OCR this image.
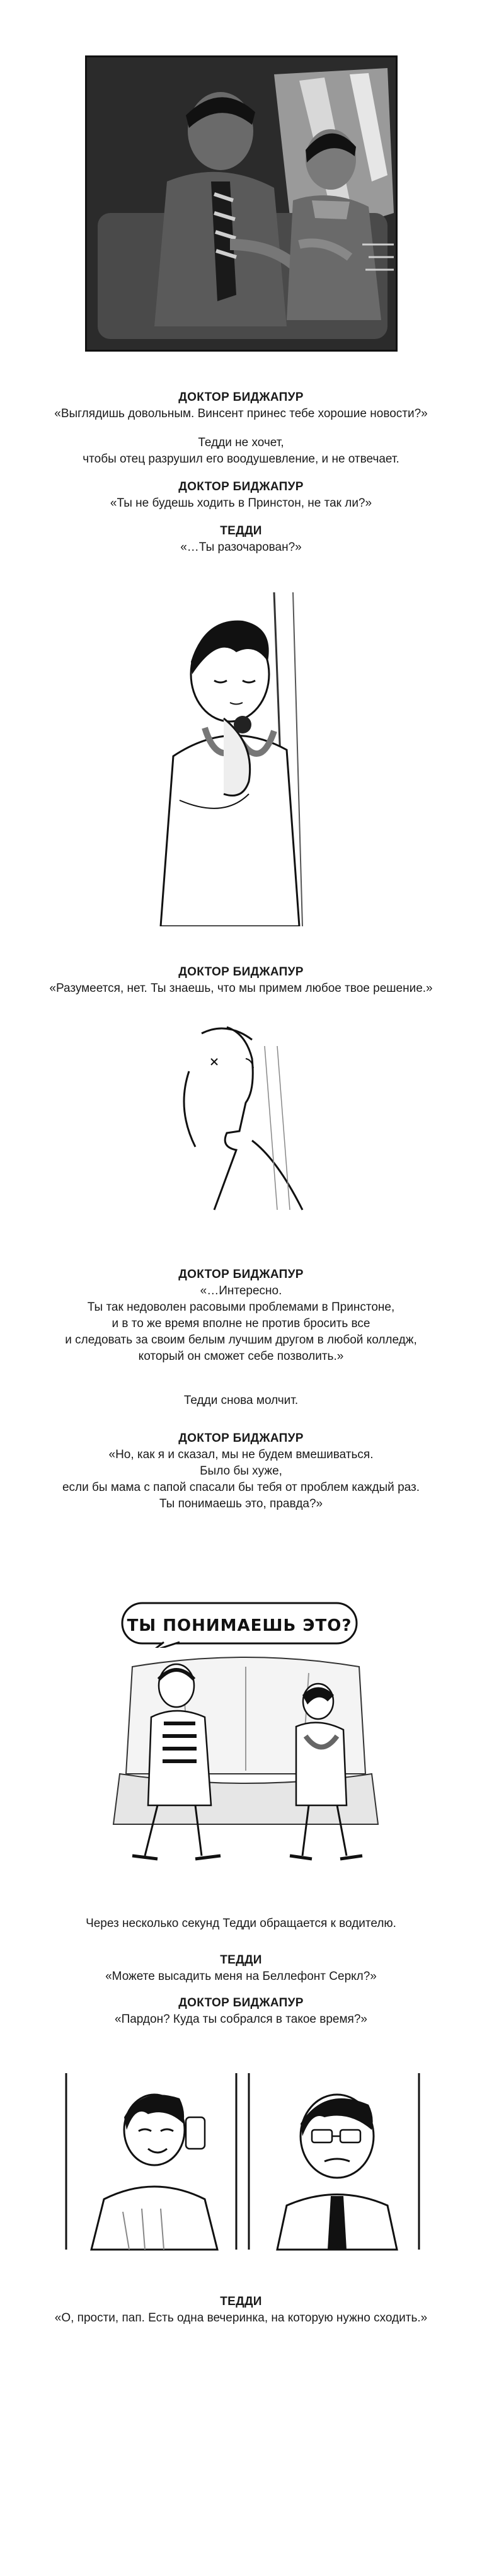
ДОКТОР БИДЖАПУР

«Выглядишь довольным. Винсент принес тебе хорошие новости?»

Тедди не хочет,

чтобы отец разрушил его воодушевление, и не отвечает.

ДОКТОР БИДЖАПУР

«Ты не будешь ходить в Принстон, не так ли?»

ТЕДДИ

«…Ты разочарован?»

ДОКТОР БИДЖАПУР

«Разумеется, нет. Ты знаешь, что мы примем любое твое решение.»

ДОКТОР БИДЖАПУР

«…Интересно.

Ты так недоволен расовыми проблемами в Принстоне,

и в то же время вполне не против бросить все

и следовать за своим белым лучшим другом в любой колледж,

который он сможет себе позволить.»

Тедди снова молчит.

ДОКТОР БИДЖАПУР

«Но, как я и сказал, мы не будем вмешиваться.

Было бы хуже,

если бы мама с папой спасали бы тебя от проблем каждый раз.

Ты понимаешь это, правда?»

ТЫ ПОНИМАЕШЬ ЭТО?

Через несколько секунд Тедди обращается к водителю.

ТЕДДИ

«Можете высадить меня на Беллефонт Серкл?»

ДОКТОР БИДЖАПУР

«Пардон? Куда ты собрался в такое время?»

ТЕДДИ

«О, прости, пап. Есть одна вечеринка, на которую нужно сходить.»
